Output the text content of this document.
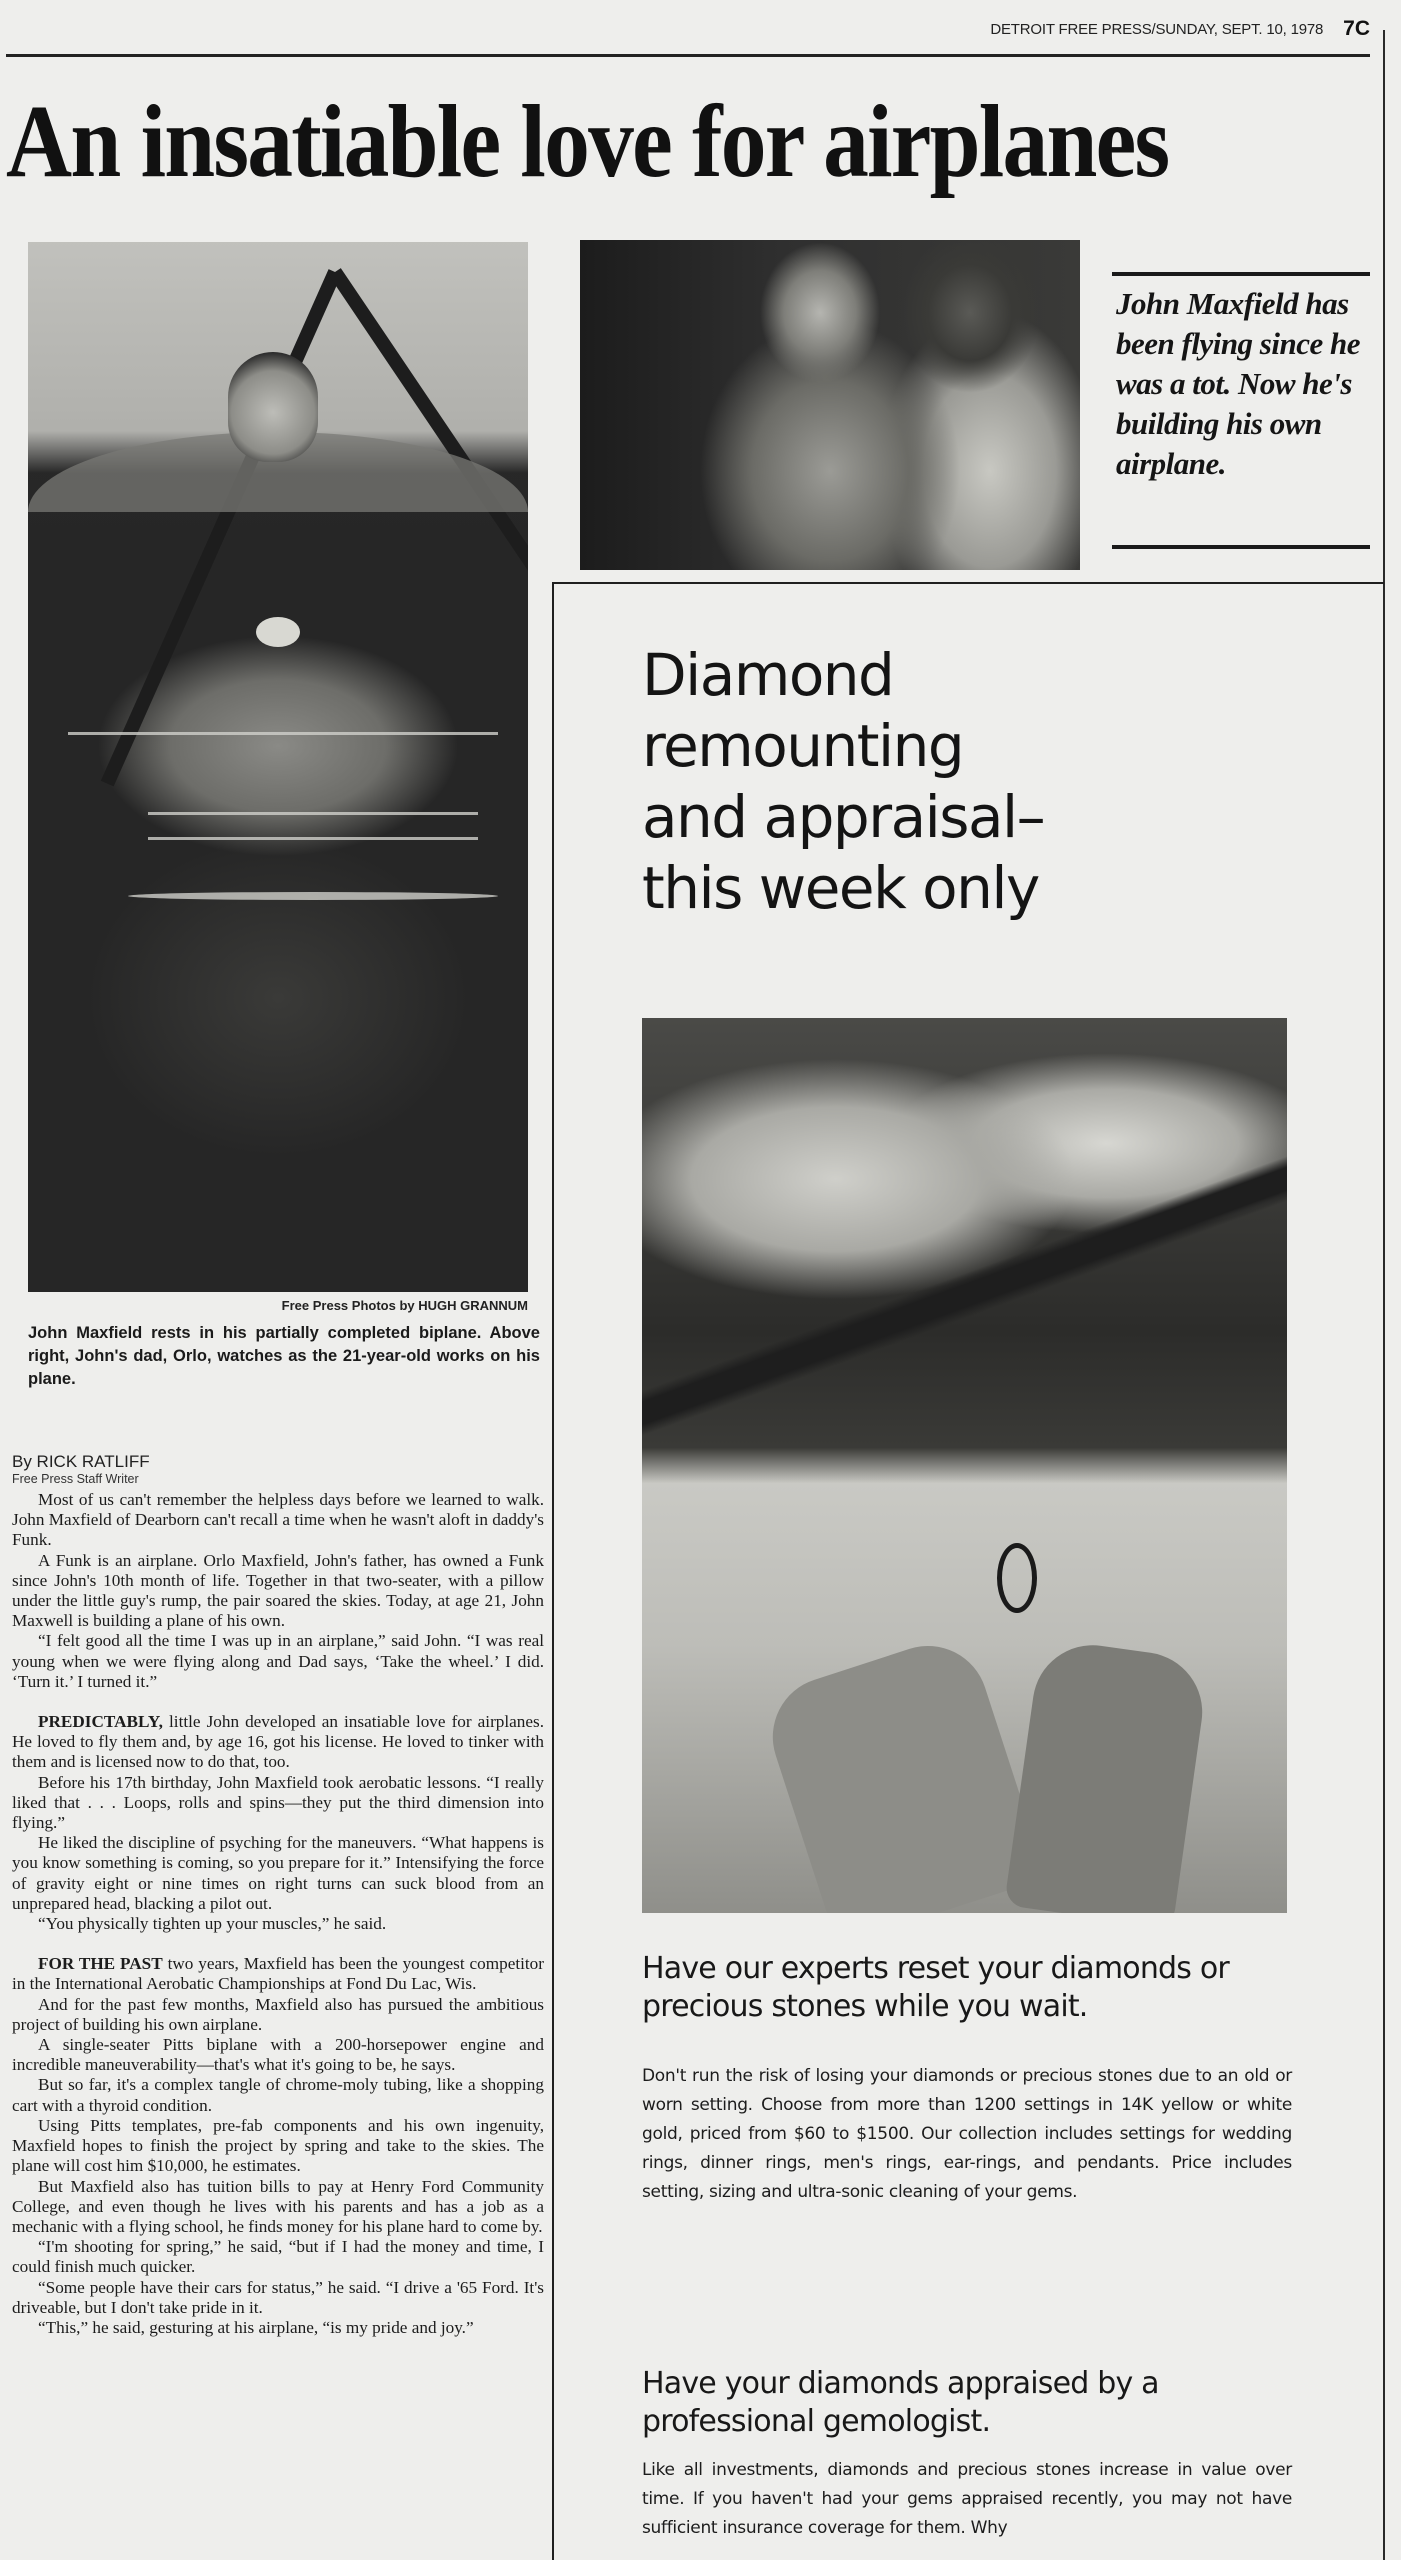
DETROIT FREE PRESS/SUNDAY, SEPT. 10, 1978 7C
An insatiable love for airplanes
John Maxfield has been flying since he was a tot. Now he's building his own airplane.
Free Press Photos by HUGH GRANNUM
John Maxfield rests in his partially completed biplane. Above right, John's dad, Orlo, watches as the 21-year-old works on his plane.
By RICK RATLIFF
Free Press Staff Writer

Most of us can't remember the helpless days before we learned to walk. John Maxfield of Dearborn can't recall a time when he wasn't aloft in daddy's Funk.

A Funk is an airplane. Orlo Maxfield, John's father, has owned a Funk since John's 10th month of life. Together in that two-seater, with a pillow under the little guy's rump, the pair soared the skies. Today, at age 21, John Maxwell is building a plane of his own.

“I felt good all the time I was up in an airplane,” said John. “I was real young when we were flying along and Dad says, ‘Take the wheel.’ I did. ‘Turn it.’ I turned it.”

PREDICTABLY, little John developed an insatiable love for airplanes. He loved to fly them and, by age 16, got his license. He loved to tinker with them and is licensed now to do that, too.

Before his 17th birthday, John Maxfield took aerobatic lessons. “I really liked that . . . Loops, rolls and spins—they put the third dimension into flying.”

He liked the discipline of psyching for the maneuvers. “What happens is you know something is coming, so you prepare for it.” Intensifying the force of gravity eight or nine times on right turns can suck blood from an unprepared head, blacking a pilot out.

“You physically tighten up your muscles,” he said.

FOR THE PAST two years, Maxfield has been the youngest competitor in the International Aerobatic Championships at Fond Du Lac, Wis.

And for the past few months, Maxfield also has pursued the ambitious project of building his own airplane.

A single-seater Pitts biplane with a 200-horsepower engine and incredible maneuverability—that's what it's going to be, he says.

But so far, it's a complex tangle of chrome-moly tubing, like a shopping cart with a thyroid condition.

Using Pitts templates, pre-fab components and his own ingenuity, Maxfield hopes to finish the project by spring and take to the skies. The plane will cost him $10,000, he estimates.

But Maxfield also has tuition bills to pay at Henry Ford Community College, and even though he lives with his parents and has a job as a mechanic with a flying school, he finds money for his plane hard to come by.

“I'm shooting for spring,” he said, “but if I had the money and time, I could finish much quicker.

“Some people have their cars for status,” he said. “I drive a '65 Ford. It's driveable, but I don't take pride in it.

“This,” he said, gesturing at his airplane, “is my pride and joy.”

Diamond
remounting
and appraisal–
this week only
Have our experts reset your diamonds or precious stones while you wait.
Don't run the risk of losing your diamonds or precious stones due to an old or worn setting. Choose from more than 1200 settings in 14K yellow or white gold, priced from $60 to $1500. Our collection includes settings for wedding rings, dinner rings, men's rings, ear-rings, and pendants. Price includes setting, sizing and ultra-sonic cleaning of your gems.
Have your diamonds appraised by a professional gemologist.
Like all investments, diamonds and precious stones increase in value over time. If you haven't had your gems appraised recently, you may not have sufficient insurance coverage for them. Why
